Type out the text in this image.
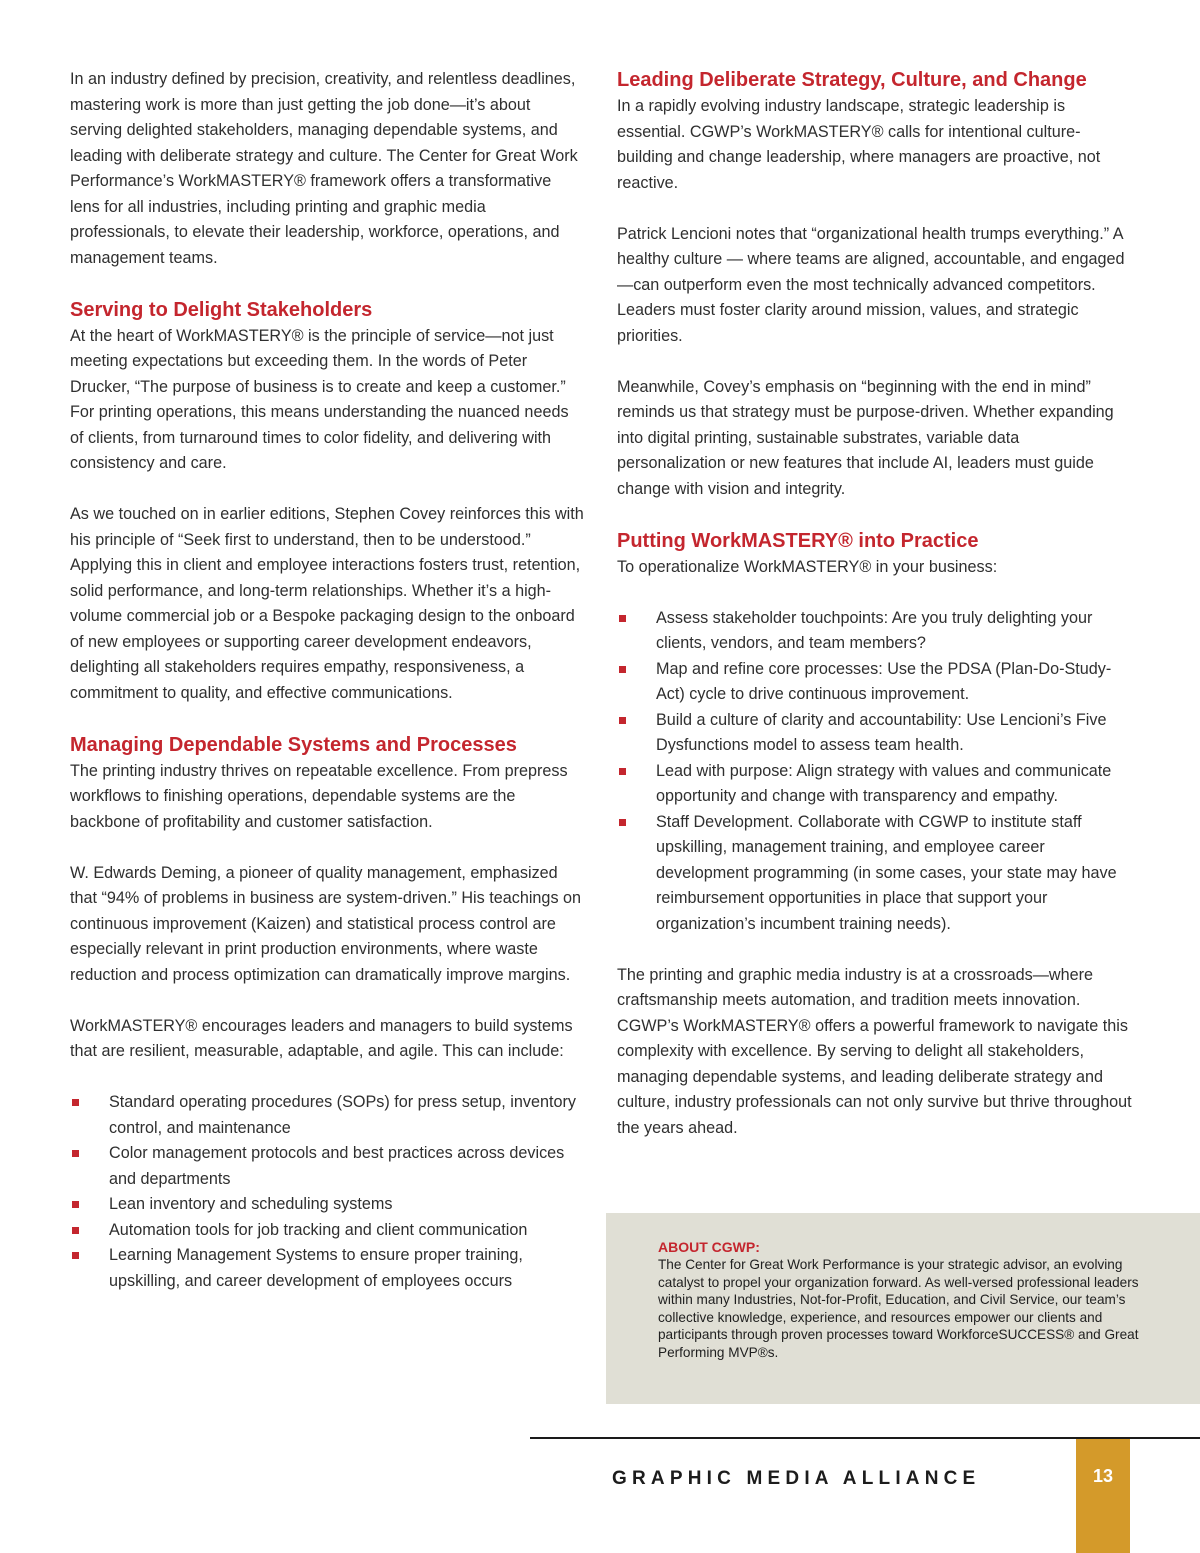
In an industry defined by precision, creativity, and relentless deadlines, mastering work is more than just getting the job done—it’s about serving delighted stakeholders, managing dependable systems, and leading with deliberate strategy and culture. The Center for Great Work Performance’s WorkMASTERY® framework offers a transformative lens for all industries, including printing and graphic media professionals, to elevate their leadership, workforce, operations, and management teams.

Serving to Delight Stakeholders

At the heart of WorkMASTERY® is the principle of service—not just meeting expectations but exceeding them. In the words of Peter Drucker, “The purpose of business is to create and keep a customer.” For printing operations, this means understanding the nuanced needs of clients, from turnaround times to color fidelity, and delivering with consistency and care.

As we touched on in earlier editions, Stephen Covey reinforces this with his principle of “Seek first to understand, then to be understood.” Applying this in client and employee interactions fosters trust, retention, solid performance, and long-term relationships. Whether it’s a high-volume commercial job or a Bespoke packaging design to the onboard of new employees or supporting career development endeavors, delighting all stakeholders requires empathy, responsiveness, a commitment to quality, and effective communications.

Managing Dependable Systems and Processes

The printing industry thrives on repeatable excellence. From prepress workflows to finishing operations, dependable systems are the backbone of profitability and customer satisfaction.

W. Edwards Deming, a pioneer of quality management, emphasized that “94% of problems in business are system-driven.” His teachings on continuous improvement (Kaizen) and statistical process control are especially relevant in print production environments, where waste reduction and process optimization can dramatically improve margins.

WorkMASTERY® encourages leaders and managers to build systems that are resilient, measurable, adaptable, and agile. This can include:

Standard operating procedures (SOPs) for press setup, inventory control, and maintenance
Color management protocols and best practices across devices and departments
Lean inventory and scheduling systems
Automation tools for job tracking and client communication
Learning Management Systems to ensure proper training, upskilling, and career development of employees occurs
Leading Deliberate Strategy, Culture, and Change

In a rapidly evolving industry landscape, strategic leadership is essential. CGWP’s WorkMASTERY® calls for intentional culture-building and change leadership, where managers are proactive, not reactive.

Patrick Lencioni notes that “organizational health trumps everything.” A healthy culture — where teams are aligned, accountable, and engaged—can outperform even the most technically advanced competitors. Leaders must foster clarity around mission, values, and strategic priorities.

Meanwhile, Covey’s emphasis on “beginning with the end in mind” reminds us that strategy must be purpose-driven. Whether expanding into digital printing, sustainable substrates, variable data personalization or new features that include AI, leaders must guide change with vision and integrity.

Putting WorkMASTERY® into Practice

To operationalize WorkMASTERY® in your business:

Assess stakeholder touchpoints: Are you truly delighting your clients, vendors, and team members?
Map and refine core processes: Use the PDSA (Plan-Do-Study-Act) cycle to drive continuous improvement.
Build a culture of clarity and accountability: Use Lencioni’s Five Dysfunctions model to assess team health.
Lead with purpose: Align strategy with values and communicate opportunity and change with transparency and empathy.
Staff Development. Collaborate with CGWP to institute staff upskilling, management training, and employee career development programming (in some cases, your state may have reimbursement opportunities in place that support your organization’s incumbent training needs).

The printing and graphic media industry is at a crossroads—where craftsmanship meets automation, and tradition meets innovation. CGWP’s WorkMASTERY® offers a powerful framework to navigate this complexity with excellence. By serving to delight all stakeholders, managing dependable systems, and leading deliberate strategy and culture, industry professionals can not only survive but thrive throughout the years ahead.

ABOUT CGWP:

The Center for Great Work Performance is your strategic advisor, an evolving catalyst to propel your organization forward. As well-versed professional leaders within many Industries, Not-for-Profit, Education, and Civil Service, our team’s collective knowledge, experience, and resources empower our clients and participants through proven processes toward WorkforceSUCCESS® and Great Performing MVP®s.

GRAPHIC MEDIA ALLIANCE	13
